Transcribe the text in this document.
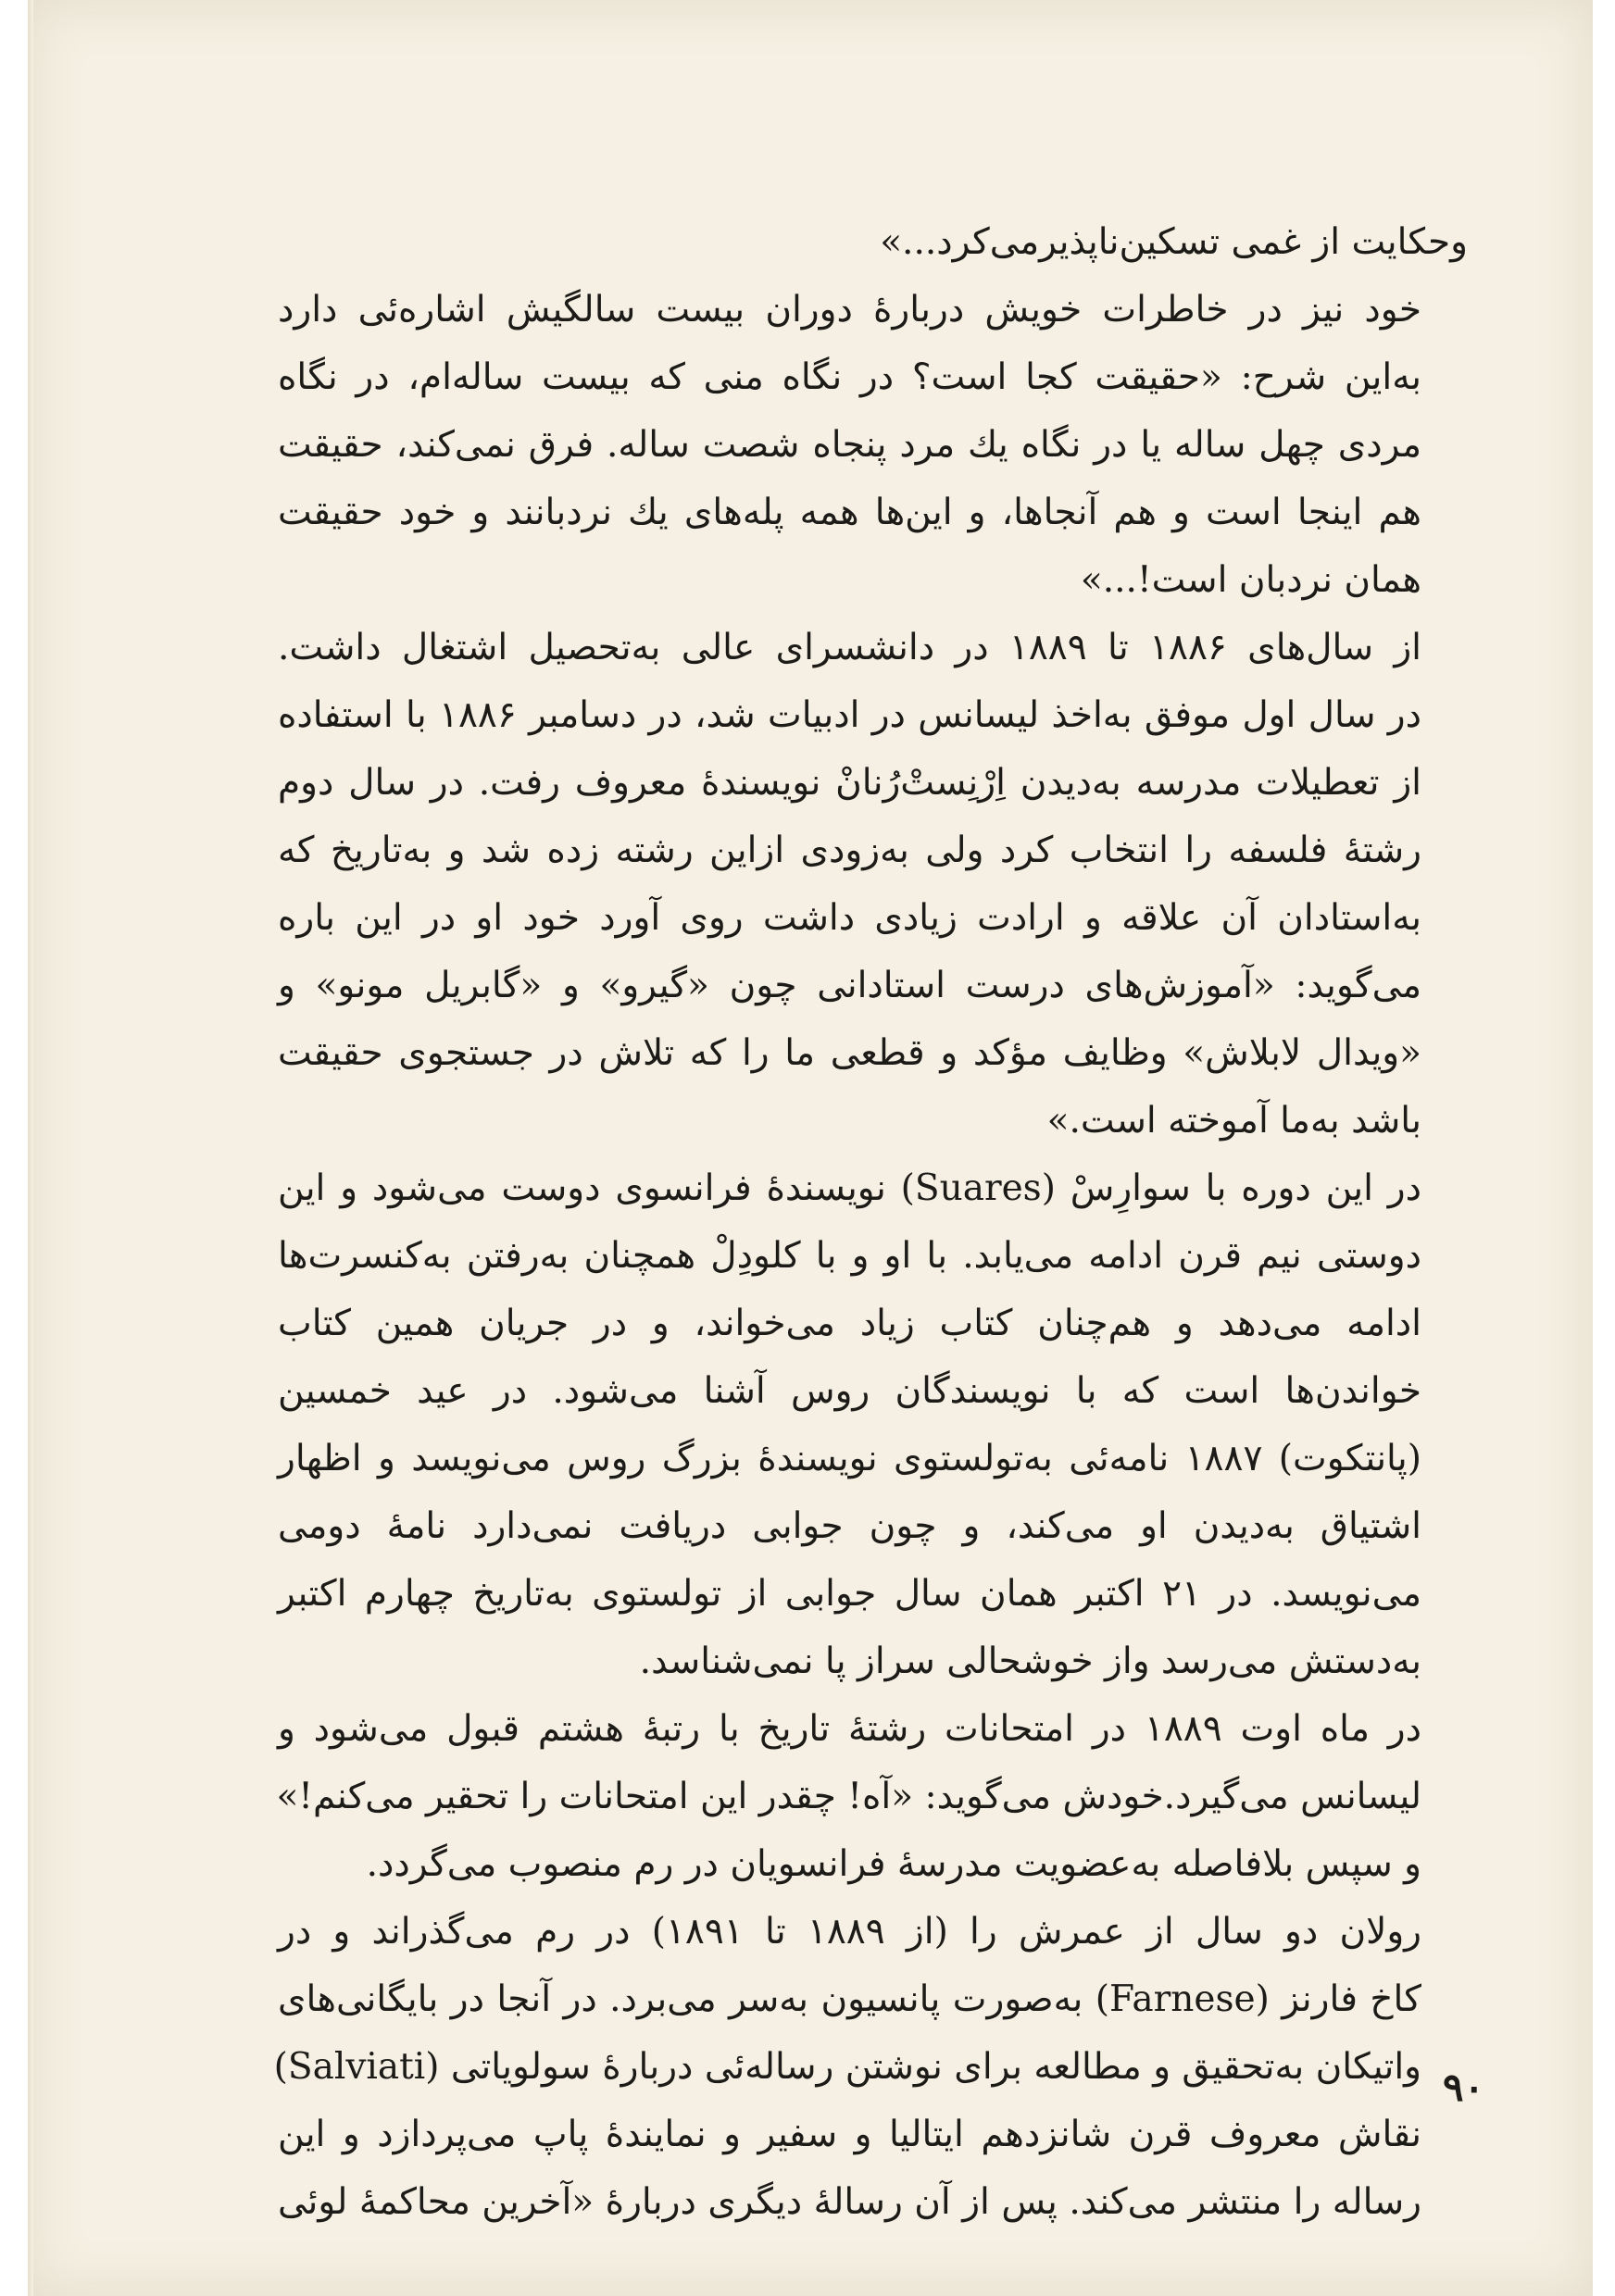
وحکایت از غمی تسکین‌ناپذیرمی‌کرد...»

خود نیز در خاطرات خویش دربارهٔ دوران بیست سالگیش اشاره‌ئی دارد
به‌این شرح: «حقیقت کجا است؟ در نگاه منی که بیست ساله‌ام، در نگاه
مردی چهل ساله یا در نگاه یك مرد پنجاه شصت ساله. فرق نمی‌کند، حقیقت
هم اینجا است و هم آنجاها، و این‌ها همه پله‌های یك نردبانند و خود حقیقت
همان نردبان است!...»

از سال‌های ۱۸۸۶ تا ۱۸۸۹ در دانشسرای عالی به‌تحصیل اشتغال داشت.
در سال اول موفق به‌اخذ لیسانس در ادبیات شد، در دسامبر ۱۸۸۶ با استفاده
از تعطیلات مدرسه به‌دیدن اِرْنِستْ‌رُنانْ نویسندهٔ معروف رفت. در سال دوم
رشتهٔ فلسفه را انتخاب کرد ولی به‌زودی ازاین رشته زده شد و به‌تاریخ که
به‌استادان آن علاقه و ارادت زیادی داشت روی آورد خود او در این باره
می‌گوید: «آموزش‌های درست استادانی چون «گیرو» و «گابریل مونو» و
«ویدال لابلاش» وظایف مؤکد و قطعی ما را که تلاش در جستجوی حقیقت
باشد به‌ما آموخته است.»

در این دوره با سوارِسْ (Suares) نویسندهٔ فرانسوی دوست می‌شود و این
دوستی نیم قرن ادامه می‌یابد. با او و با کلودِلْ همچنان به‌رفتن به‌کنسرت‌ها
ادامه می‌دهد و هم‌چنان کتاب زیاد می‌خواند، و در جریان همین کتاب
خواندن‌ها است که با نویسندگان روس آشنا می‌شود. در عید خمسین
(پانتکوت) ۱۸۸۷ نامه‌ئی به‌تولستوی نویسندهٔ بزرگ روس می‌نویسد و اظهار
اشتیاق به‌دیدن او می‌کند، و چون جوابی دریافت نمی‌دارد نامهٔ دومی
می‌نویسد. در ۲۱ اکتبر همان سال جوابی از تولستوی به‌تاریخ چهارم اکتبر
به‌دستش می‌رسد واز خوشحالی سراز پا نمی‌شناسد.

در ماه اوت ۱۸۸۹ در امتحانات رشتهٔ تاریخ با رتبهٔ هشتم قبول می‌شود و
لیسانس می‌گیرد.خودش می‌گوید: «آه! چقدر این امتحانات را تحقیر می‌کنم!»
و سپس بلافاصله به‌عضویت مدرسهٔ فرانسویان در رم منصوب می‌گردد.

رولان دو سال از عمرش را (از ۱۸۸۹ تا ۱۸۹۱) در رم می‌گذراند و در
کاخ فارنز (Farnese) به‌صورت پانسیون به‌سر می‌برد. در آنجا در بایگانی‌های
واتیکان به‌تحقیق و مطالعه برای نوشتن رساله‌ئی دربارهٔ سولویاتی (Salviati)
نقاش معروف قرن شانزدهم ایتالیا و سفیر و نمایندهٔ پاپ می‌پردازد و این
رساله را منتشر می‌کند. پس از آن رسالهٔ دیگری دربارهٔ «آخرین محاکمهٔ لوئی

۹۰
